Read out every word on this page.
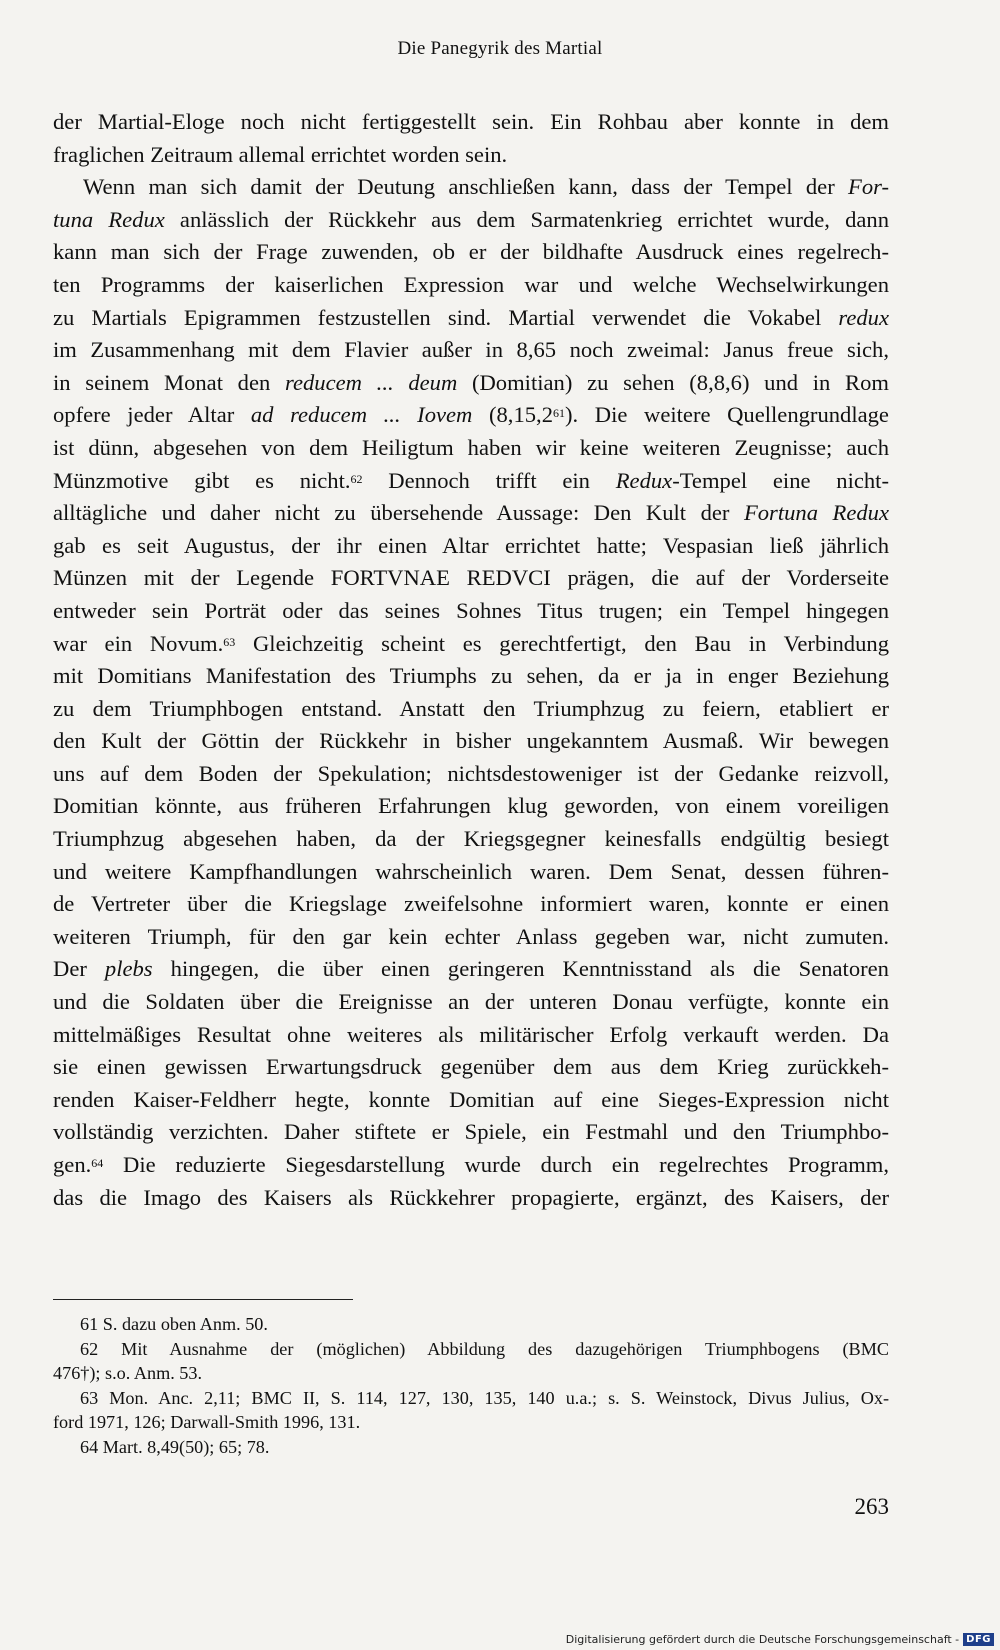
Die Panegyrik des Martial
der Martial-Eloge noch nicht fertiggestellt sein. Ein Rohbau aber konnte in dem
fraglichen Zeitraum allemal errichtet worden sein.
Wenn man sich damit der Deutung anschließen kann, dass der Tempel der For-
tuna Redux anlässlich der Rückkehr aus dem Sarmatenkrieg errichtet wurde, dann
kann man sich der Frage zuwenden, ob er der bildhafte Ausdruck eines regelrech-
ten Programms der kaiserlichen Expression war und welche Wechselwirkungen
zu Martials Epigrammen festzustellen sind. Martial verwendet die Vokabel redux
im Zusammenhang mit dem Flavier außer in 8,65 noch zweimal: Janus freue sich,
in seinem Monat den reducem ... deum (Domitian) zu sehen (8,8,6) und in Rom
opfere jeder Altar ad reducem ... Iovem (8,15,2$^{61}$). Die weitere Quellengrundlage
ist dünn, abgesehen von dem Heiligtum haben wir keine weiteren Zeugnisse; auch
Münzmotive gibt es nicht.$^{62}$ Dennoch trifft ein Redux-Tempel eine nicht-
alltägliche und daher nicht zu übersehende Aussage: Den Kult der Fortuna Redux
gab es seit Augustus, der ihr einen Altar errichtet hatte; Vespasian ließ jährlich
Münzen mit der Legende FORTVNAE REDVCI prägen, die auf der Vorderseite
entweder sein Porträt oder das seines Sohnes Titus trugen; ein Tempel hingegen
war ein Novum.$^{63}$ Gleichzeitig scheint es gerechtfertigt, den Bau in Verbindung
mit Domitians Manifestation des Triumphs zu sehen, da er ja in enger Beziehung
zu dem Triumphbogen entstand. Anstatt den Triumphzug zu feiern, etabliert er
den Kult der Göttin der Rückkehr in bisher ungekanntem Ausmaß. Wir bewegen
uns auf dem Boden der Spekulation; nichtsdestoweniger ist der Gedanke reizvoll,
Domitian könnte, aus früheren Erfahrungen klug geworden, von einem voreiligen
Triumphzug abgesehen haben, da der Kriegsgegner keinesfalls endgültig besiegt
und weitere Kampfhandlungen wahrscheinlich waren. Dem Senat, dessen führen-
de Vertreter über die Kriegslage zweifelsohne informiert waren, konnte er einen
weiteren Triumph, für den gar kein echter Anlass gegeben war, nicht zumuten.
Der plebs hingegen, die über einen geringeren Kenntnisstand als die Senatoren
und die Soldaten über die Ereignisse an der unteren Donau verfügte, konnte ein
mittelmäßiges Resultat ohne weiteres als militärischer Erfolg verkauft werden. Da
sie einen gewissen Erwartungsdruck gegenüber dem aus dem Krieg zurückkeh-
renden Kaiser-Feldherr hegte, konnte Domitian auf eine Sieges-Expression nicht
vollständig verzichten. Daher stiftete er Spiele, ein Festmahl und den Triumphbo-
gen.$^{64}$ Die reduzierte Siegesdarstellung wurde durch ein regelrechtes Programm,
das die Imago des Kaisers als Rückkehrer propagierte, ergänzt, des Kaisers, der
61 S. dazu oben Anm. 50.
62 Mit Ausnahme der (möglichen) Abbildung des dazugehörigen Triumphbogens (BMC
476†); s.o. Anm. 53.
63 Mon. Anc. 2,11; BMC II, S. 114, 127, 130, 135, 140 u.a.; s. S. Weinstock, Divus Julius, Ox-
ford 1971, 126; Darwall-Smith 1996, 131.
64 Mart. 8,49(50); 65; 78.
263
Digitalisierung gefördert durch die Deutsche Forschungsgemeinschaft - DFG
